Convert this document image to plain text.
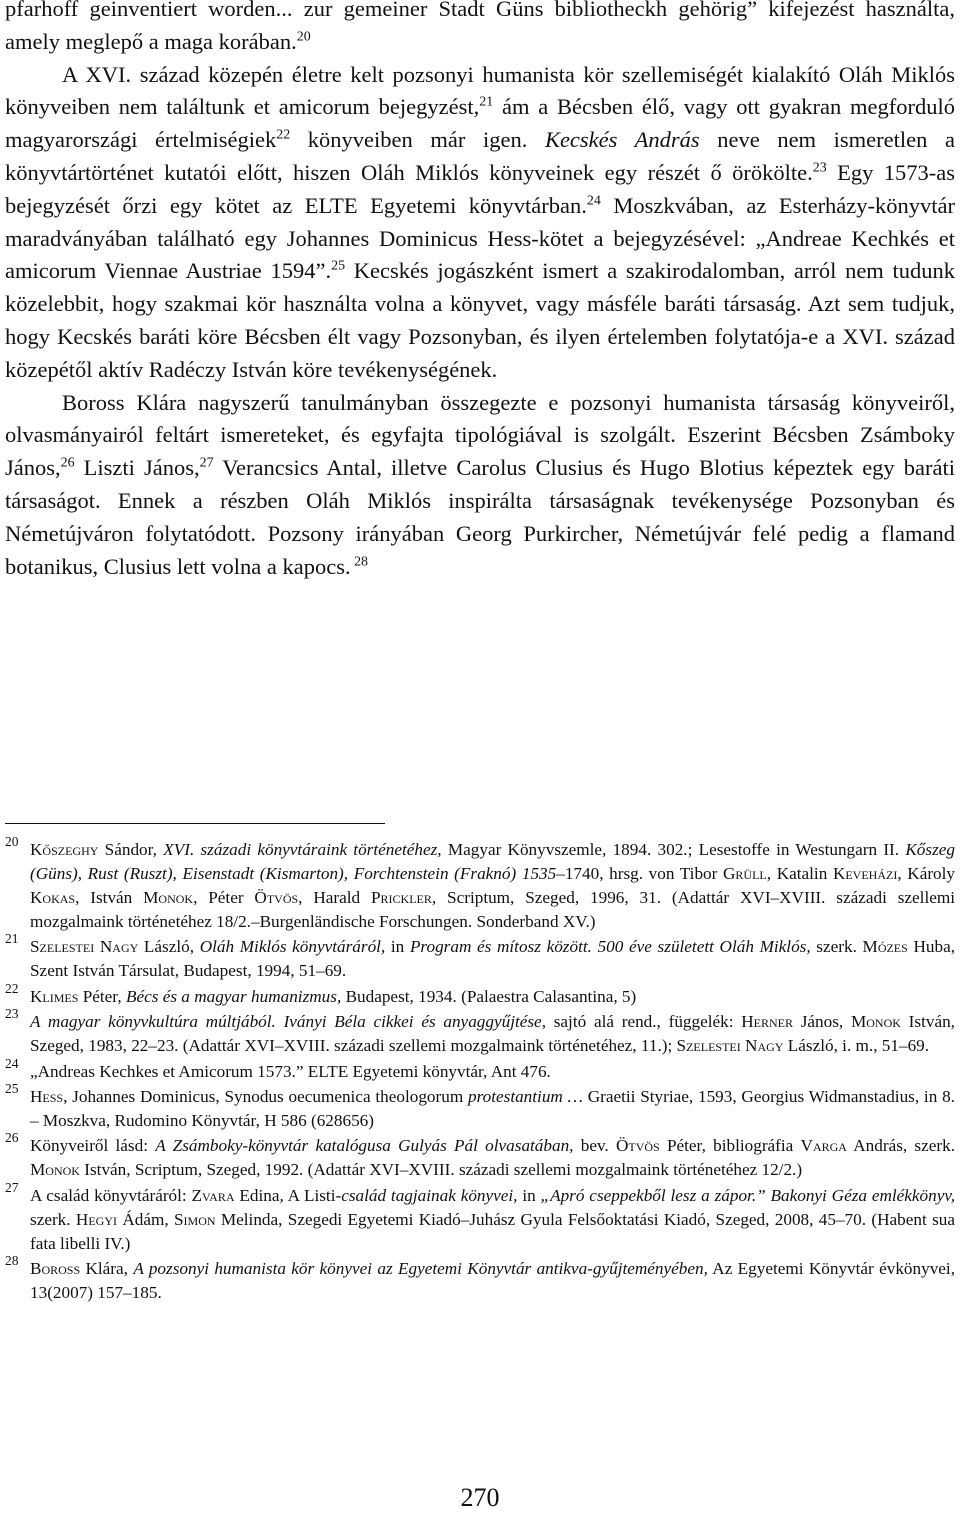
pfarhoff geinventiert worden... zur gemeiner Stadt Güns bibliotheckh gehörig” kifejezést használta, amely meglepő a maga korában.$^{20}$

A XVI. század közepén életre kelt pozsonyi humanista kör szellemiségét kialakító Oláh Miklós könyveiben nem találtunk et amicorum bejegyzést,$^{21}$ ám a Bécsben élő, vagy ott gyakran megforduló magyarországi értelmiségiek$^{22}$ könyveiben már igen. Kecskés András neve nem ismeretlen a könyvtártörténet kutatói előtt, hiszen Oláh Miklós könyveinek egy részét ő örökölte.$^{23}$ Egy 1573-as bejegyzését őrzi egy kötet az ELTE Egyetemi könyvtárban.$^{24}$ Moszkvában, az Esterházy-könyvtár maradványában található egy Johannes Dominicus Hess-kötet a bejegyzésével: „Andreae Kechkés et amicorum Viennae Austriae 1594”.$^{25}$ Kecskés jogászként ismert a szakirodalomban, arról nem tudunk közelebbit, hogy szakmai kör használta volna a könyvet, vagy másféle baráti társaság. Azt sem tudjuk, hogy Kecskés baráti köre Bécsben élt vagy Pozsonyban, és ilyen értelemben folytatója-e a XVI. század közepétől aktív Radéczy István köre tevékenységének.

Boross Klára nagyszerű tanulmányban összegezte e pozsonyi humanista társaság könyveiről, olvasmányairól feltárt ismereteket, és egyfajta tipológiával is szolgált. Eszerint Bécsben Zsámboky János,$^{26}$ Liszti János,$^{27}$ Verancsics Antal, illetve Carolus Clusius és Hugo Blotius képeztek egy baráti társaságot. Ennek a részben Oláh Miklós inspirálta társaságnak tevékenysége Pozsonyban és Németújváron folytatódott. Pozsony irányában Georg Purkircher, Németújvár felé pedig a flamand botanikus, Clusius lett volna a kapocs. $^{28}$

20 Kőszeghy Sándor, XVI. századi könyvtáraink történetéhez, Magyar Könyvszemle, 1894. 302.; Lesestoffe in Westungarn II. Kőszeg (Güns), Rust (Ruszt), Eisenstadt (Kismarton), Forchtenstein (Fraknó) 1535–1740, hrsg. von Tibor Grüll, Katalin Keveházi, Károly Kokas, István Monok, Péter Ötvös, Harald Prickler, Scriptum, Szeged, 1996, 31. (Adattár XVI–XVIII. századi szellemi mozgalmaink történetéhez 18/2.–Burgenländische Forschungen. Sonderband XV.)

21 Szelestei Nagy László, Oláh Miklós könyvtáráról, in Program és mítosz között. 500 éve született Oláh Miklós, szerk. Mózes Huba, Szent István Társulat, Budapest, 1994, 51–69.

22 Klimes Péter, Bécs és a magyar humanizmus, Budapest, 1934. (Palaestra Calasantina, 5)

23 A magyar könyvkultúra múltjából. Iványi Béla cikkei és anyaggyűjtése, sajtó alá rend., függelék: Herner János, Monok István, Szeged, 1983, 22–23. (Adattár XVI–XVIII. századi szellemi mozgalmaink történetéhez, 11.); Szelestei Nagy László, i. m., 51–69.

24 „Andreas Kechkes et Amicorum 1573.” ELTE Egyetemi könyvtár, Ant 476.

25 Hess, Johannes Dominicus, Synodus oecumenica theologorum protestantium … Graetii Styriae, 1593, Georgius Widmanstadius, in 8. – Moszkva, Rudomino Könyvtár, H 586 (628656)

26 Könyveiről lásd: A Zsámboky-könyvtár katalógusa Gulyás Pál olvasatában, bev. Ötvös Péter, bibliográfia Varga András, szerk. Monok István, Scriptum, Szeged, 1992. (Adattár XVI–XVIII. századi szellemi mozgalmaink történetéhez 12/2.)

27 A család könyvtáráról: Zvara Edina, A Listi-család tagjainak könyvei, in „Apró cseppekből lesz a zápor.” Bakonyi Géza emlékkönyv, szerk. Hegyi Ádám, Simon Melinda, Szegedi Egyetemi Kiadó–Juhász Gyula Felsőoktatási Kiadó, Szeged, 2008, 45–70. (Habent sua fata libelli IV.)

28 Boross Klára, A pozsonyi humanista kör könyvei az Egyetemi Könyvtár antikva-gyűjteményében, Az Egyetemi Könyvtár évkönyvei, 13(2007) 157–185.

270
